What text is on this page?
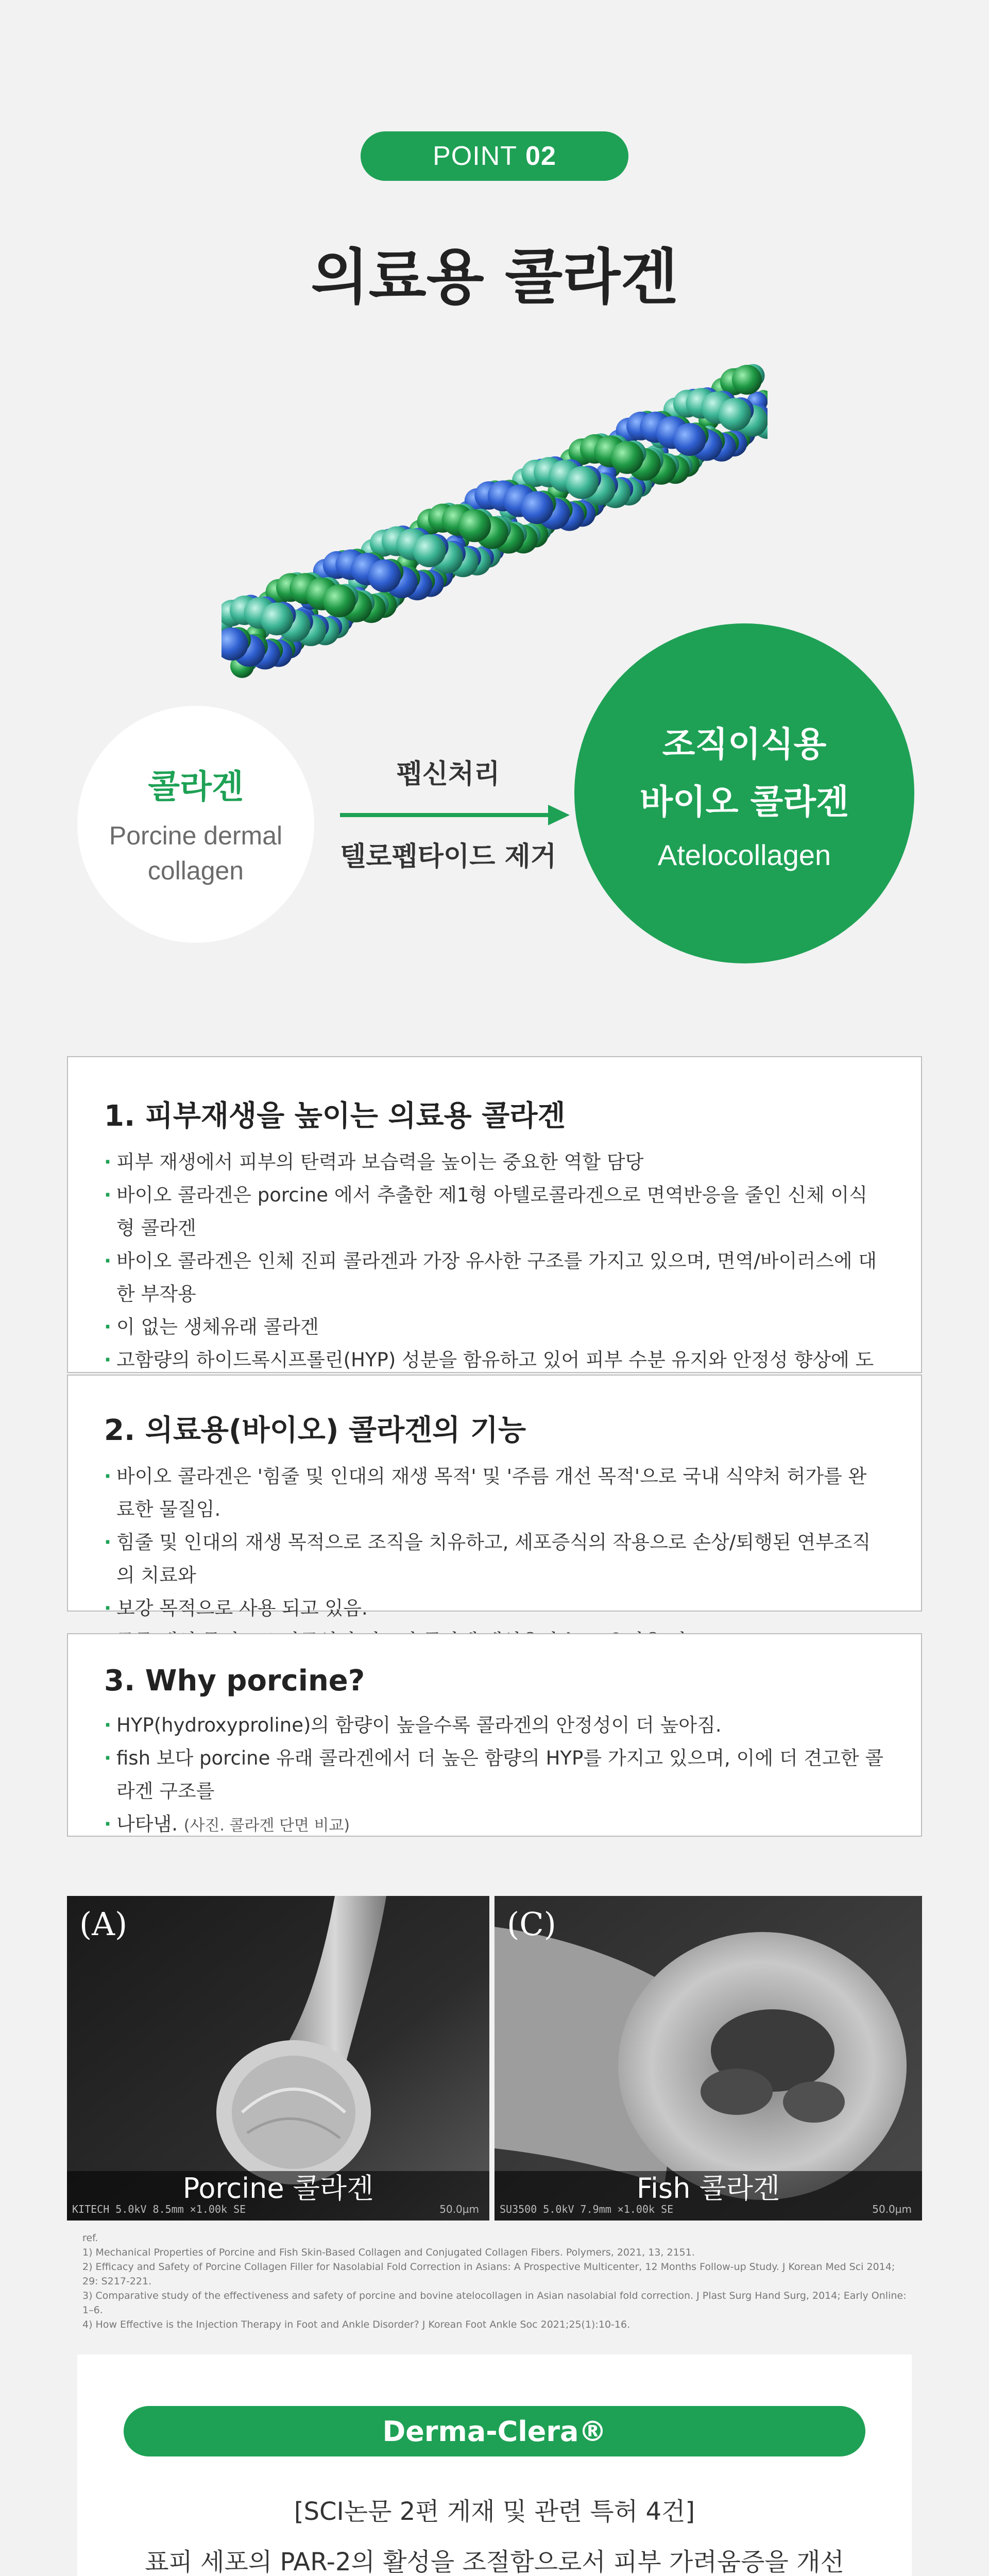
POINT 02
의료용 콜라겐
콜라겐
Porcine dermal
collagen
펩신처리
텔로펩타이드 제거
조직이식용
바이오 콜라겐
Atelocollagen
1. 피부재생을 높이는 의료용 콜라겐
· 피부 재생에서 피부의 탄력과 보습력을 높이는 중요한 역할 담당
· 바이오 콜라겐은 porcine 에서 추출한 제1형 아텔로콜라겐으로 면역반응을 줄인 신체 이식형 콜라겐
· 바이오 콜라겐은 인체 진피 콜라겐과 가장 유사한 구조를 가지고 있으며, 면역/바이러스에 대한 부작용
· 이 없는 생체유래 콜라겐
· 고함량의 하이드록시프롤린(HYP) 성분을 함유하고 있어 피부 수분 유지와 안정성 향상에 도
2. 의료용(바이오) 콜라겐의 기능
· 바이오 콜라겐은 '힘줄 및 인대의 재생 목적' 및 '주름 개선 목적'으로 국내 식약처 허가를 완료한 물질임.
· 힘줄 및 인대의 재생 목적으로 조직을 치유하고, 세포증식의 작용으로 손상/퇴행된 연부조직의 치료와
· 보강 목적으로 사용 되고 있음.
·
3. Why porcine?
· HYP(hydroxyproline)의 함량이 높을수록 콜라겐의 안정성이 더 높아짐.
· fish 보다 porcine 유래 콜라겐에서 더 높은 함량의 HYP를 가지고 있으며, 이에 더 견고한 콜라겐 구조를
· 나타냄. (사진. 콜라겐 단면 비교)
(A)
Porcine 콜라겐
KITECH 5.0kV 8.5mm ×1.00k SE	50.0µm
(C)
Fish 콜라겐
SU3500 5.0kV 7.9mm ×1.00k SE	50.0µm
ref.
1) Mechanical Properties of Porcine and Fish Skin-Based Collagen and Conjugated Collagen Fibers. Polymers, 2021, 13, 2151.
2) Efficacy and Safety of Porcine Collagen Filler for Nasolabial Fold Correction in Asians: A Prospective Multicenter, 12 Months Follow-up Study. J Korean Med Sci 2014; 29: S217-221.
3) Comparative study of the effectiveness and safety of porcine and bovine atelocollagen in Asian nasolabial fold correction. J Plast Surg Hand Surg, 2014; Early Online: 1–6.
4) How Effective is the Injection Therapy in Foot and Ankle Disorder? J Korean Foot Ankle Soc 2021;25(1):10-16.
Derma-Clera®
[SCI논문 2편 게재 및 관련 특허 4건]
표피 세포의 PAR-2의 활성을 조절함으로서 피부 가려움증을 개선
